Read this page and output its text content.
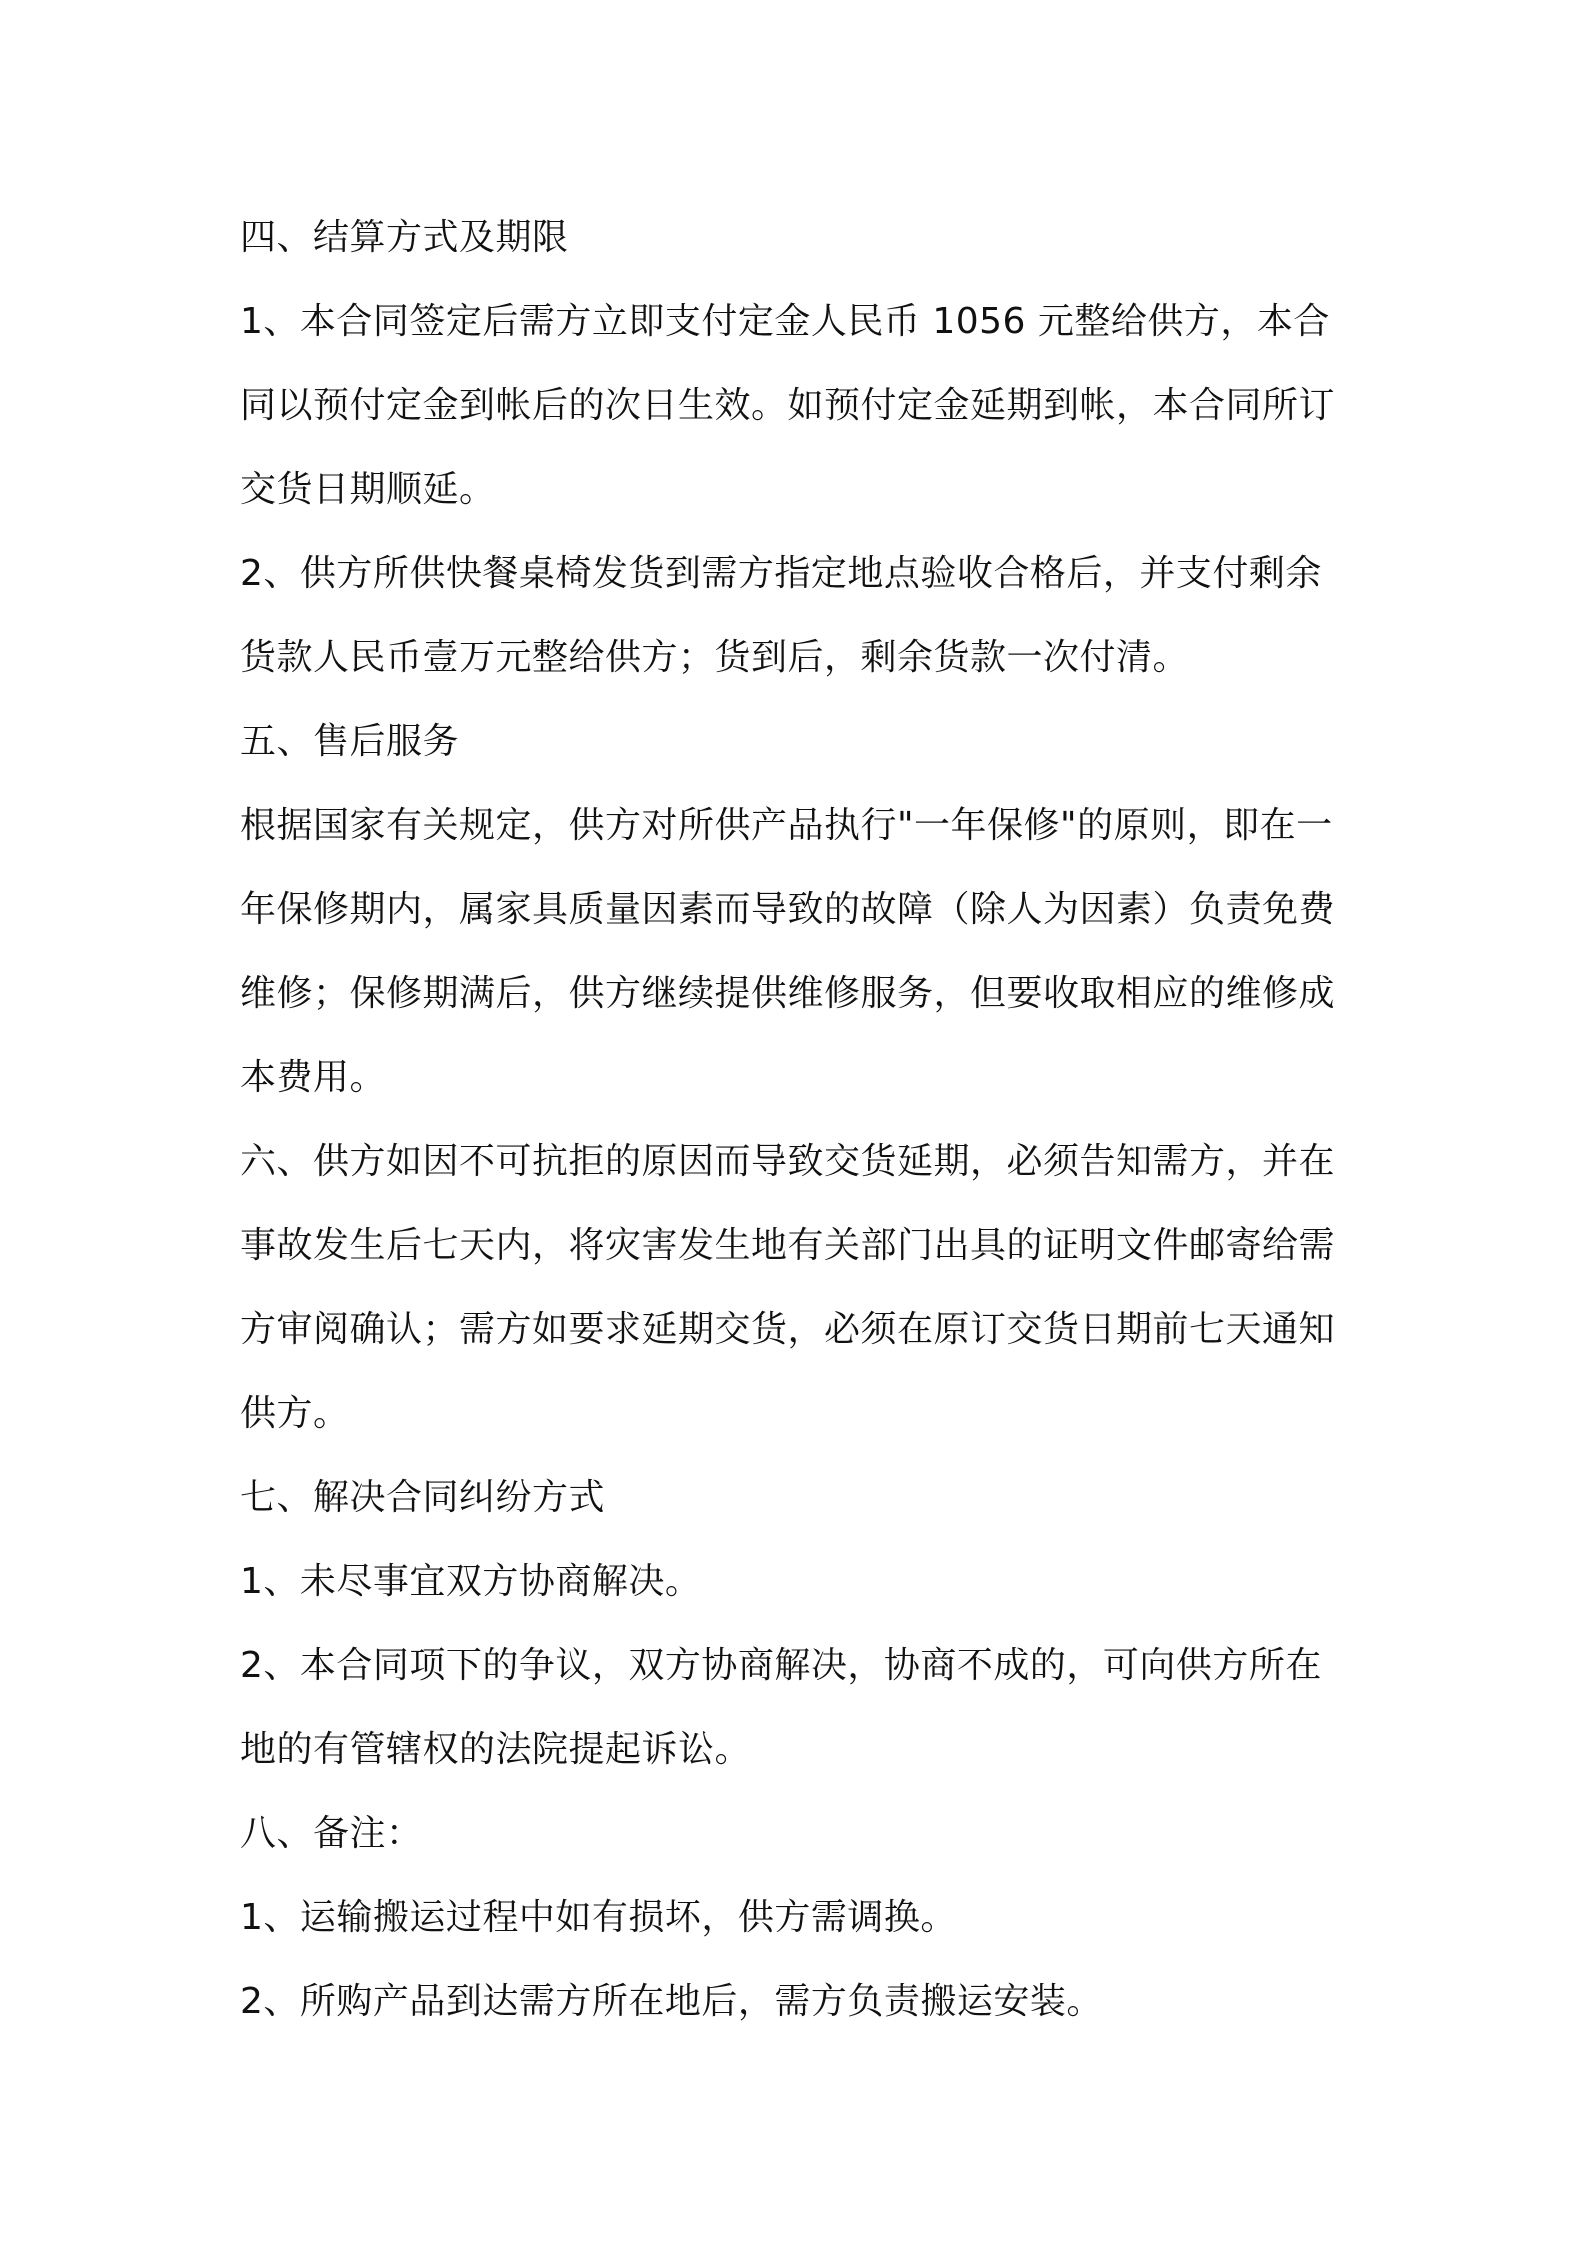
四、结算方式及期限
1、本合同签定后需方立即支付定金人民币 1056 元整给供方，本合
同以预付定金到帐后的次日生效。如预付定金延期到帐，本合同所订
交货日期顺延。
2、供方所供快餐桌椅发货到需方指定地点验收合格后，并支付剩余
货款人民币壹万元整给供方；货到后，剩余货款一次付清。
五、售后服务
根据国家有关规定，供方对所供产品执行"一年保修"的原则，即在一
年保修期内，属家具质量因素而导致的故障（除人为因素）负责免费
维修；保修期满后，供方继续提供维修服务，但要收取相应的维修成
本费用。
六、供方如因不可抗拒的原因而导致交货延期，必须告知需方，并在
事故发生后七天内，将灾害发生地有关部门出具的证明文件邮寄给需
方审阅确认；需方如要求延期交货，必须在原订交货日期前七天通知
供方。
七、解决合同纠纷方式
1、未尽事宜双方协商解决。
2、本合同项下的争议，双方协商解决，协商不成的，可向供方所在
地的有管辖权的法院提起诉讼。
八、备注：
1、运输搬运过程中如有损坏，供方需调换。
2、所购产品到达需方所在地后，需方负责搬运安装。
